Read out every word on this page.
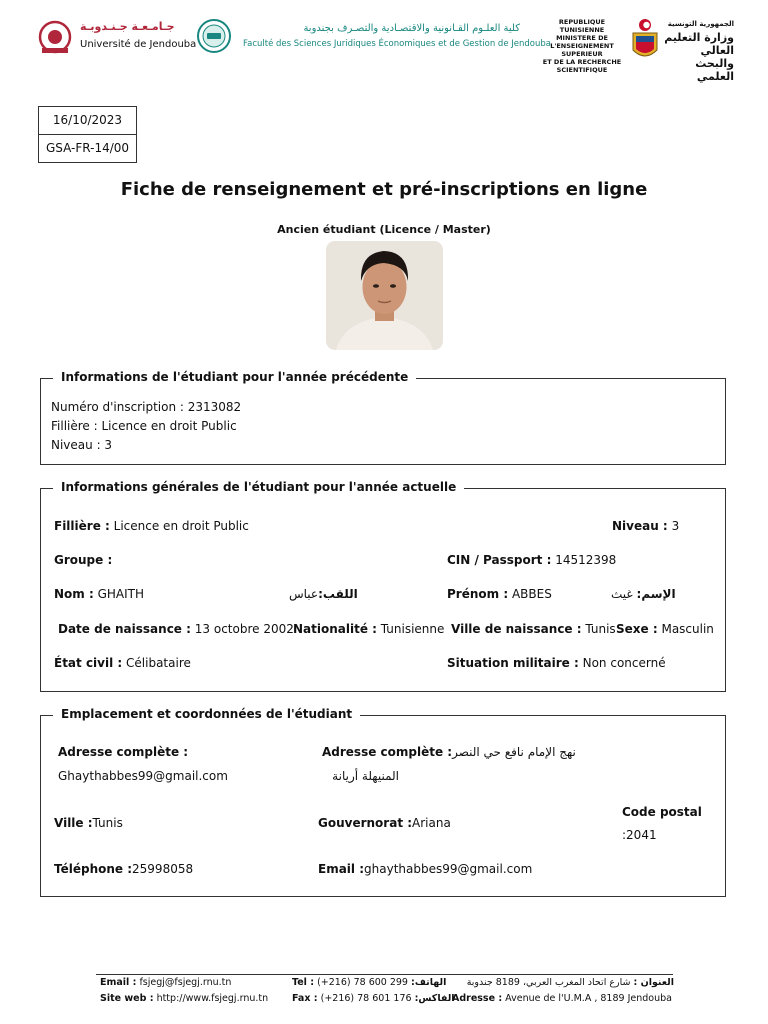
جـامـعـة جـنـدوبـة
Université de Jendouba
كلية العلـوم القـانونية والاقتصـادية والتصـرف بجندوبة
Faculté des Sciences Juridiques Économiques et de Gestion de Jendouba
REPUBLIQUE TUNISIENNE
MINISTERE DE
L'ENSEIGNEMENT SUPERIEUR
ET DE LA RECHERCHE
SCIENTIFIQUE
الجمهورية التونسية
وزارة التعليم العالي
والبحث العلمي
16/10/2023
GSA-FR-14/00
Fiche de renseignement et pré-inscriptions en ligne
Ancien étudiant (Licence / Master)
Informations de l'étudiant pour l'année précédente
Numéro d'inscription : 2313082
Fillière : Licence en droit Public
Niveau : 3
Informations générales de l'étudiant pour l'année actuelle
Fillière : Licence en droit Public	Niveau : 3
Groupe :	CIN / Passport : 14512398
Nom : GHAITH	اللقب:عباس	Prénom : ABBES	الإسم: غيث
Date de naissance : 13 octobre 2002 Nationalité : Tunisienne Ville de naissance : Tunis Sexe : Masculin
État civil : Célibataire	Situation militaire : Non concerné
Emplacement et coordonnées de l'étudiant
Adresse complète :
Ghaythabbes99@gmail.com
Adresse complète :نهج الإمام نافع حي النصر
المنيهلة أريانة
Code postal
:2041
Ville :Tunis	Gouvernorat :Ariana
Téléphone :25998058	Email :ghaythabbes99@gmail.com
Email : fsjegj@fsjegj.rnu.tn
Site web : http://www.fsjegj.rnu.tn
Tel : (+216) 78 600 299 :الهاتف
Fax : (+216) 78 601 176 :الفاكس
العنوان : شارع اتحاد المغرب العربي، 8189 جندوبة
Adresse : Avenue de l'U.M.A , 8189 Jendouba
